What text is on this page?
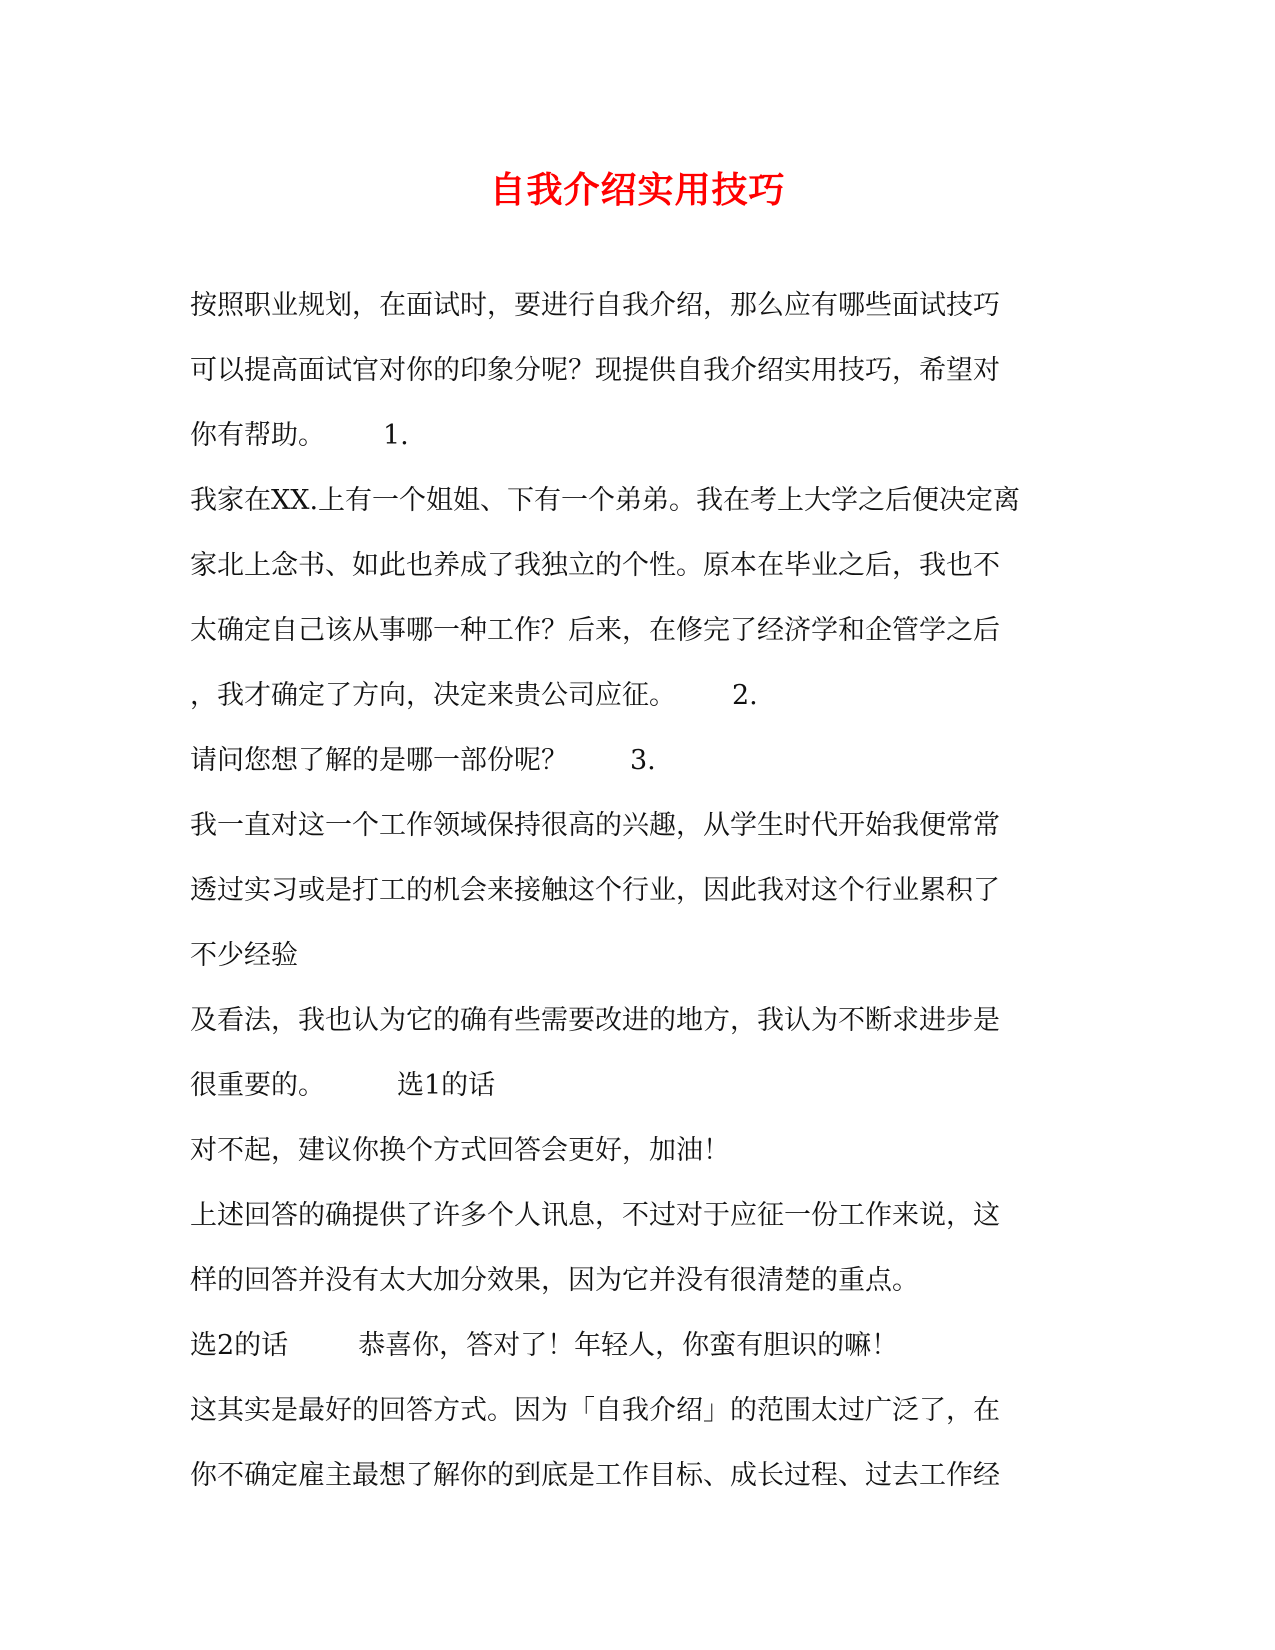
自我介绍实用技巧
按照职业规划，在面试时，要进行自我介绍，那么应有哪些面试技巧
可以提高面试官对你的印象分呢？现提供自我介绍实用技巧，希望对
你有帮助。 1.
我家在XX.上有一个姐姐、下有一个弟弟。我在考上大学之后便决定离
家北上念书、如此也养成了我独立的个性。原本在毕业之后，我也不
太确定自己该从事哪一种工作？后来，在修完了经济学和企管学之后
，我才确定了方向，决定来贵公司应征。 2.
请问您想了解的是哪一部份呢？ 3.
我一直对这一个工作领域保持很高的兴趣，从学生时代开始我便常常
透过实习或是打工的机会来接触这个行业，因此我对这个行业累积了
不少经验
及看法，我也认为它的确有些需要改进的地方，我认为不断求进步是
很重要的。	选1的话
对不起，建议你换个方式回答会更好，加油！
上述回答的确提供了许多个人讯息，不过对于应征一份工作来说，这
样的回答并没有太大加分效果，因为它并没有很清楚的重点。
选2的话	恭喜你，答对了！年轻人，你蛮有胆识的嘛！
这其实是最好的回答方式。因为「自我介绍」的范围太过广泛了，在
你不确定雇主最想了解你的到底是工作目标、成长过程、过去工作经
